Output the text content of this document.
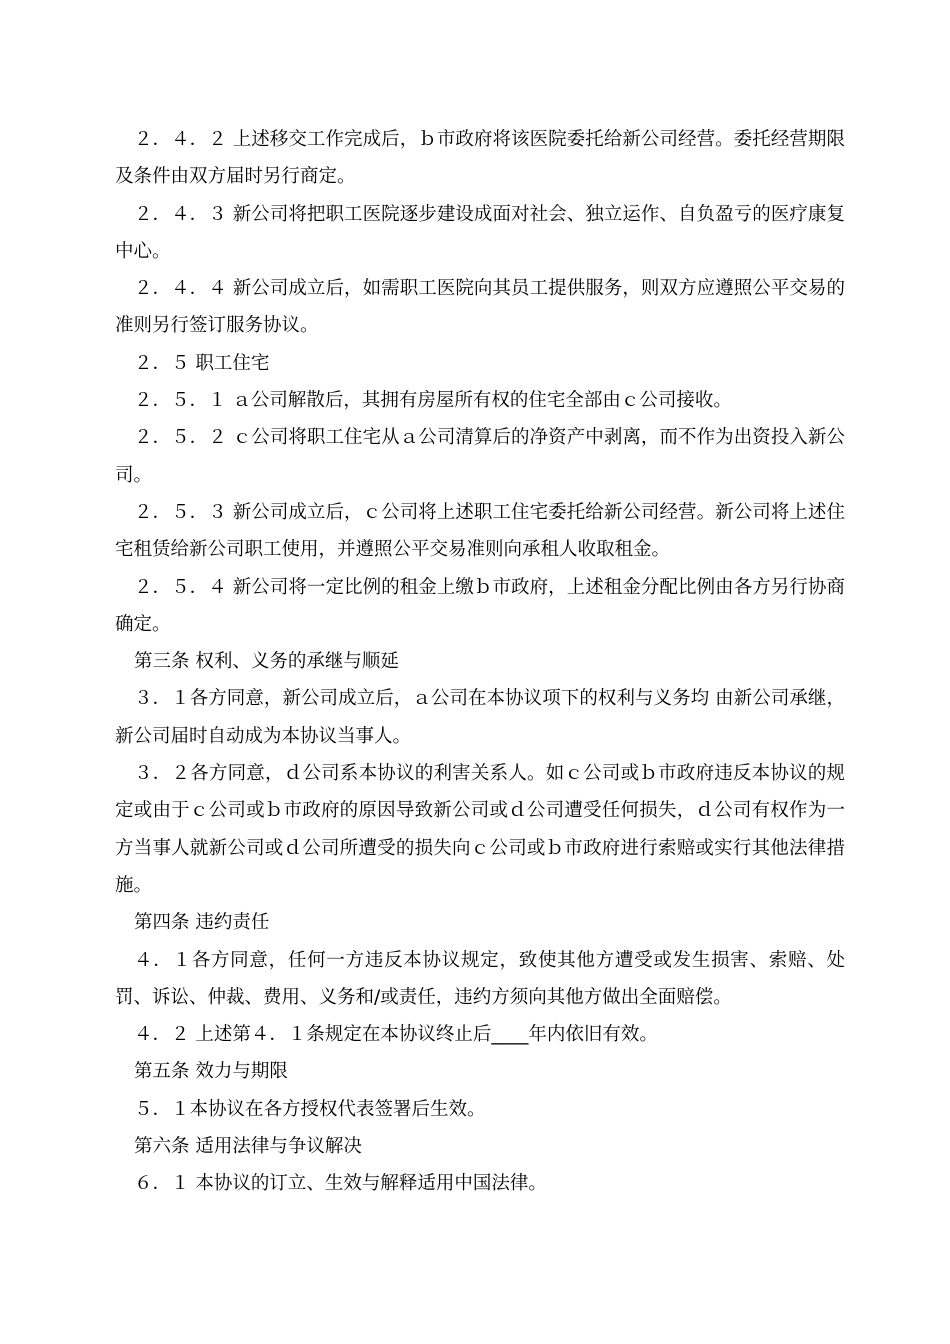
２．４．２ 上述移交工作完成后，ｂ市政府将该医院委托给新公司经营。委托经营期限及条件由双方届时另行商定。

２．４．３ 新公司将把职工医院逐步建设成面对社会、独立运作、自负盈亏的医疗康复中心。

２．４．４ 新公司成立后，如需职工医院向其员工提供服务，则双方应遵照公平交易的准则另行签订服务协议。

２．５ 职工住宅

２．５．１ ａ公司解散后，其拥有房屋所有权的住宅全部由ｃ公司接收。

２．５．２ ｃ公司将职工住宅从ａ公司清算后的净资产中剥离，而不作为出资投入新公司。

２．５．３ 新公司成立后，ｃ公司将上述职工住宅委托给新公司经营。新公司将上述住宅租赁给新公司职工使用，并遵照公平交易准则向承租人收取租金。

２．５．４ 新公司将一定比例的租金上缴ｂ市政府，上述租金分配比例由各方另行协商确定。

第三条 权利、义务的承继与顺延

３．１各方同意，新公司成立后，ａ公司在本协议项下的权利与义务均 由新公司承继，新公司届时自动成为本协议当事人。

３．２各方同意，ｄ公司系本协议的利害关系人。如ｃ公司或ｂ市政府违反本协议的规定或由于ｃ公司或ｂ市政府的原因导致新公司或ｄ公司遭受任何损失，ｄ公司有权作为一方当事人就新公司或ｄ公司所遭受的损失向ｃ公司或ｂ市政府进行索赔或实行其他法律措施。

第四条 违约责任

４．１各方同意，任何一方违反本协议规定，致使其他方遭受或发生损害、索赔、处罚、诉讼、仲裁、费用、义务和/或责任，违约方须向其他方做出全面赔偿。

４．２ 上述第４．１条规定在本协议终止后____年内依旧有效。

第五条 效力与期限

５．１本协议在各方授权代表签署后生效。

第六条 适用法律与争议解决

６．１ 本协议的订立、生效与解释适用中国法律。
